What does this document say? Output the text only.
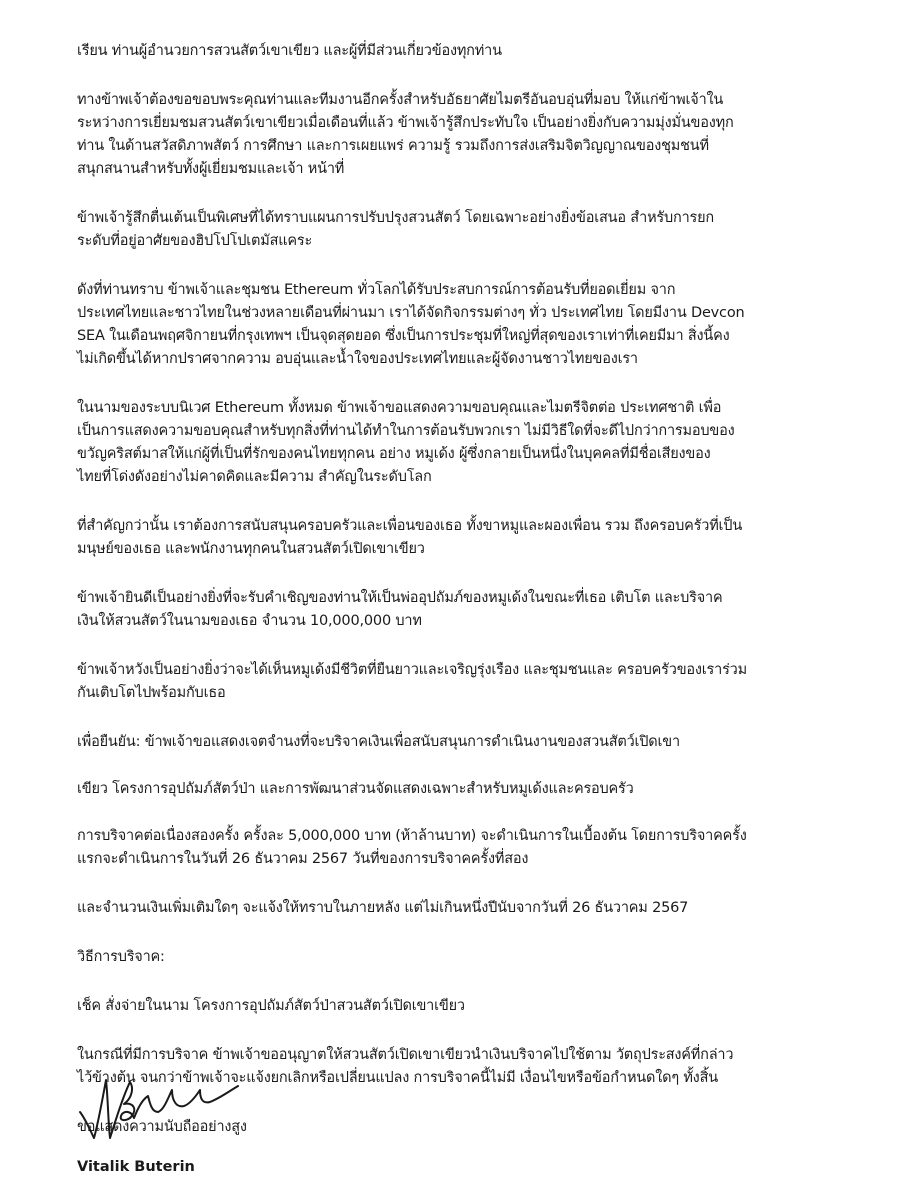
เรียน ท่านผู้อำนวยการสวนสัตว์เขาเขียว และผู้ที่มีส่วนเกี่ยวข้องทุกท่าน
ทางข้าพเจ้าต้องขอขอบพระคุณท่านและทีมงานอีกครั้งสำหรับอัธยาศัยไมตรีอันอบอุ่นที่มอบ ให้แก่ข้าพเจ้าใน
ระหว่างการเยี่ยมชมสวนสัตว์เขาเขียวเมื่อเดือนที่แล้ว ข้าพเจ้ารู้สึกประทับใจ เป็นอย่างยิ่งกับความมุ่งมั่นของทุก
ท่าน ในด้านสวัสดิภาพสัตว์ การศึกษา และการเผยแพร่ ความรู้ รวมถึงการส่งเสริมจิตวิญญาณของชุมชนที่
สนุกสนานสำหรับทั้งผู้เยี่ยมชมและเจ้า หน้าที่
ข้าพเจ้ารู้สึกตื่นเต้นเป็นพิเศษที่ได้ทราบแผนการปรับปรุงสวนสัตว์ โดยเฉพาะอย่างยิ่งข้อเสนอ สำหรับการยก
ระดับที่อยู่อาศัยของฮิปโปโปเตมัสแคระ
ดังที่ท่านทราบ ข้าพเจ้าและชุมชน Ethereum ทั่วโลกได้รับประสบการณ์การต้อนรับที่ยอดเยี่ยม จาก
ประเทศไทยและชาวไทยในช่วงหลายเดือนที่ผ่านมา เราได้จัดกิจกรรมต่างๆ ทั่ว ประเทศไทย โดยมีงาน Devcon
SEA ในเดือนพฤศจิกายนที่กรุงเทพฯ เป็นจุดสุดยอด ซึ่งเป็นการประชุมที่ใหญ่ที่สุดของเราเท่าที่เคยมีมา สิ่งนี้คง
ไม่เกิดขึ้นได้หากปราศจากความ อบอุ่นและน้ำใจของประเทศไทยและผู้จัดงานชาวไทยของเรา
ในนามของระบบนิเวศ Ethereum ทั้งหมด ข้าพเจ้าขอแสดงความขอบคุณและไมตรีจิตต่อ ประเทศชาติ เพื่อ
เป็นการแสดงความขอบคุณสำหรับทุกสิ่งที่ท่านได้ทำในการต้อนรับพวกเรา ไม่มีวิธีใดที่จะดีไปกว่าการมอบของ
ขวัญคริสต์มาสให้แก่ผู้ที่เป็นที่รักของคนไทยทุกคน อย่าง หมูเด้ง ผู้ซึ่งกลายเป็นหนึ่งในบุคคลที่มีชื่อเสียงของ
ไทยที่โด่งดังอย่างไม่คาดคิดและมีความ สำคัญในระดับโลก
ที่สำคัญกว่านั้น เราต้องการสนับสนุนครอบครัวและเพื่อนของเธอ ทั้งขาหมูและผองเพื่อน รวม ถึงครอบครัวที่เป็น
มนุษย์ของเธอ และพนักงานทุกคนในสวนสัตว์เปิดเขาเขียว
ข้าพเจ้ายินดีเป็นอย่างยิ่งที่จะรับคำเชิญของท่านให้เป็นพ่ออุปถัมภ์ของหมูเด้งในขณะที่เธอ เติบโต และบริจาค
เงินให้สวนสัตว์ในนามของเธอ จำนวน 10,000,000 บาท
ข้าพเจ้าหวังเป็นอย่างยิ่งว่าจะได้เห็นหมูเด้งมีชีวิตที่ยืนยาวและเจริญรุ่งเรือง และชุมชนและ ครอบครัวของเราร่วม
กันเติบโตไปพร้อมกับเธอ
เพื่อยืนยัน: ข้าพเจ้าขอแสดงเจตจำนงที่จะบริจาคเงินเพื่อสนับสนุนการดำเนินงานของสวนสัตว์เปิดเขา
เขียว โครงการอุปถัมภ์สัตว์ป่า และการพัฒนาส่วนจัดแสดงเฉพาะสำหรับหมูเด้งและครอบครัว
การบริจาคต่อเนื่องสองครั้ง ครั้งละ 5,000,000 บาท (ห้าล้านบาท) จะดำเนินการในเบื้องต้น โดยการบริจาคครั้ง
แรกจะดำเนินการในวันที่ 26 ธันวาคม 2567 วันที่ของการบริจาคครั้งที่สอง
และจำนวนเงินเพิ่มเติมใดๆ จะแจ้งให้ทราบในภายหลัง แต่ไม่เกินหนึ่งปีนับจากวันที่ 26 ธันวาคม 2567
วิธีการบริจาค:
เช็ค สั่งจ่ายในนาม โครงการอุปถัมภ์สัตว์ป่าสวนสัตว์เปิดเขาเขียว
ในกรณีที่มีการบริจาค ข้าพเจ้าขออนุญาตให้สวนสัตว์เปิดเขาเขียวนำเงินบริจาคไปใช้ตาม วัตถุประสงค์ที่กล่าว
ไว้ข้างต้น จนกว่าข้าพเจ้าจะแจ้งยกเลิกหรือเปลี่ยนแปลง การบริจาคนี้ไม่มี เงื่อนไขหรือข้อกำหนดใดๆ ทั้งสิ้น
ขอแสดงความนับถืออย่างสูง
Vitalik Buterin
